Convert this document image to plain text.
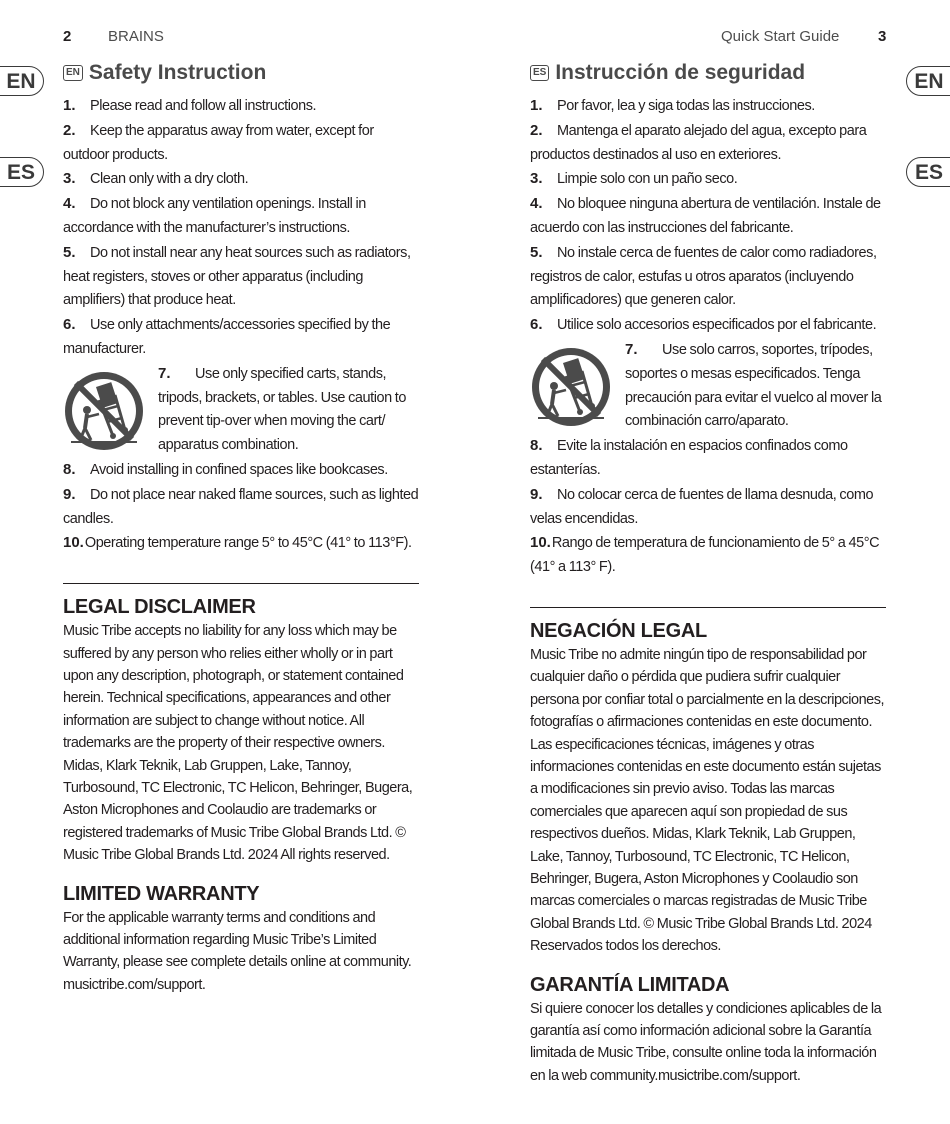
2 BRAINS
EN
ES
EN Safety Instruction

1. Please read and follow all instructions.

2. Keep the apparatus away from water, except for outdoor products.

3. Clean only with a dry cloth.

4. Do not block any ventilation openings. Install in accordance with the manufacturer’s instructions.

5. Do not install near any heat sources such as radiators, heat registers, stoves or other apparatus (including amplifiers) that produce heat.

6. Use only attachments/accessories specified by the manufacturer.

7. Use only specified carts, stands, tripods, brackets, or tables. Use caution to prevent tip-over when moving the cart/ apparatus combination.

8. Avoid installing in confined spaces like bookcases.

9. Do not place near naked flame sources, such as lighted candles.

10.Operating temperature range 5° to 45°C (41° to 113°F).

LEGAL DISCLAIMER

Music Tribe accepts no liability for any loss which may be suffered by any person who relies either wholly or in part upon any description, photograph, or statement contained herein. Technical specifications, appearances and other information are subject to change without notice. All trademarks are the property of their respective owners. Midas, Klark Teknik, Lab Gruppen, Lake, Tannoy, Turbosound, TC Electronic, TC Helicon, Behringer, Bugera, Aston Microphones and Coolaudio are trademarks or registered trademarks of Music Tribe Global Brands Ltd. © Music Tribe Global Brands Ltd. 2024 All rights reserved.

LIMITED WARRANTY

For the applicable warranty terms and conditions and additional information regarding Music Tribe’s Limited Warranty, please see complete details online at community. musictribe.com/support.

Quick Start Guide	3
EN
ES
ES Instrucción de seguridad

1. Por favor, lea y siga todas las instrucciones.

2. Mantenga el aparato alejado del agua, excepto para productos destinados al uso en exteriores.

3. Limpie solo con un paño seco.

4. No bloquee ninguna abertura de ventilación. Instale de acuerdo con las instrucciones del fabricante.

5. No instale cerca de fuentes de calor como radiadores, registros de calor, estufas u otros aparatos (incluyendo amplificadores) que generen calor.

6. Utilice solo accesorios especificados por el fabricante.

7. Use solo carros, soportes, trípodes, soportes o mesas especificados. Tenga precaución para evitar el vuelco al mover la combinación carro/aparato.

8. Evite la instalación en espacios confinados como estanterías.

9. No colocar cerca de fuentes de llama desnuda, como velas encendidas.

10.Rango de temperatura de funcionamiento de 5° a 45°C (41° a 113° F).

NEGACIÓN LEGAL

Music Tribe no admite ningún tipo de responsabilidad por cualquier daño o pérdida que pudiera sufrir cualquier persona por confiar total o parcialmente en la descripciones, fotografías o afirmaciones contenidas en este documento. Las especificaciones técnicas, imágenes y otras informaciones contenidas en este documento están sujetas a modificaciones sin previo aviso. Todas las marcas comerciales que aparecen aquí son propiedad de sus respectivos dueños. Midas, Klark Teknik, Lab Gruppen, Lake, Tannoy, Turbosound, TC Electronic, TC Helicon, Behringer, Bugera, Aston Microphones y Coolaudio son marcas comerciales o marcas registradas de Music Tribe Global Brands Ltd. © Music Tribe Global Brands Ltd. 2024 Reservados todos los derechos.

GARANTÍA LIMITADA

Si quiere conocer los detalles y condiciones aplicables de la garantía así como información adicional sobre la Garantía limitada de Music Tribe, consulte online toda la información en la web community.musictribe.com/support.
